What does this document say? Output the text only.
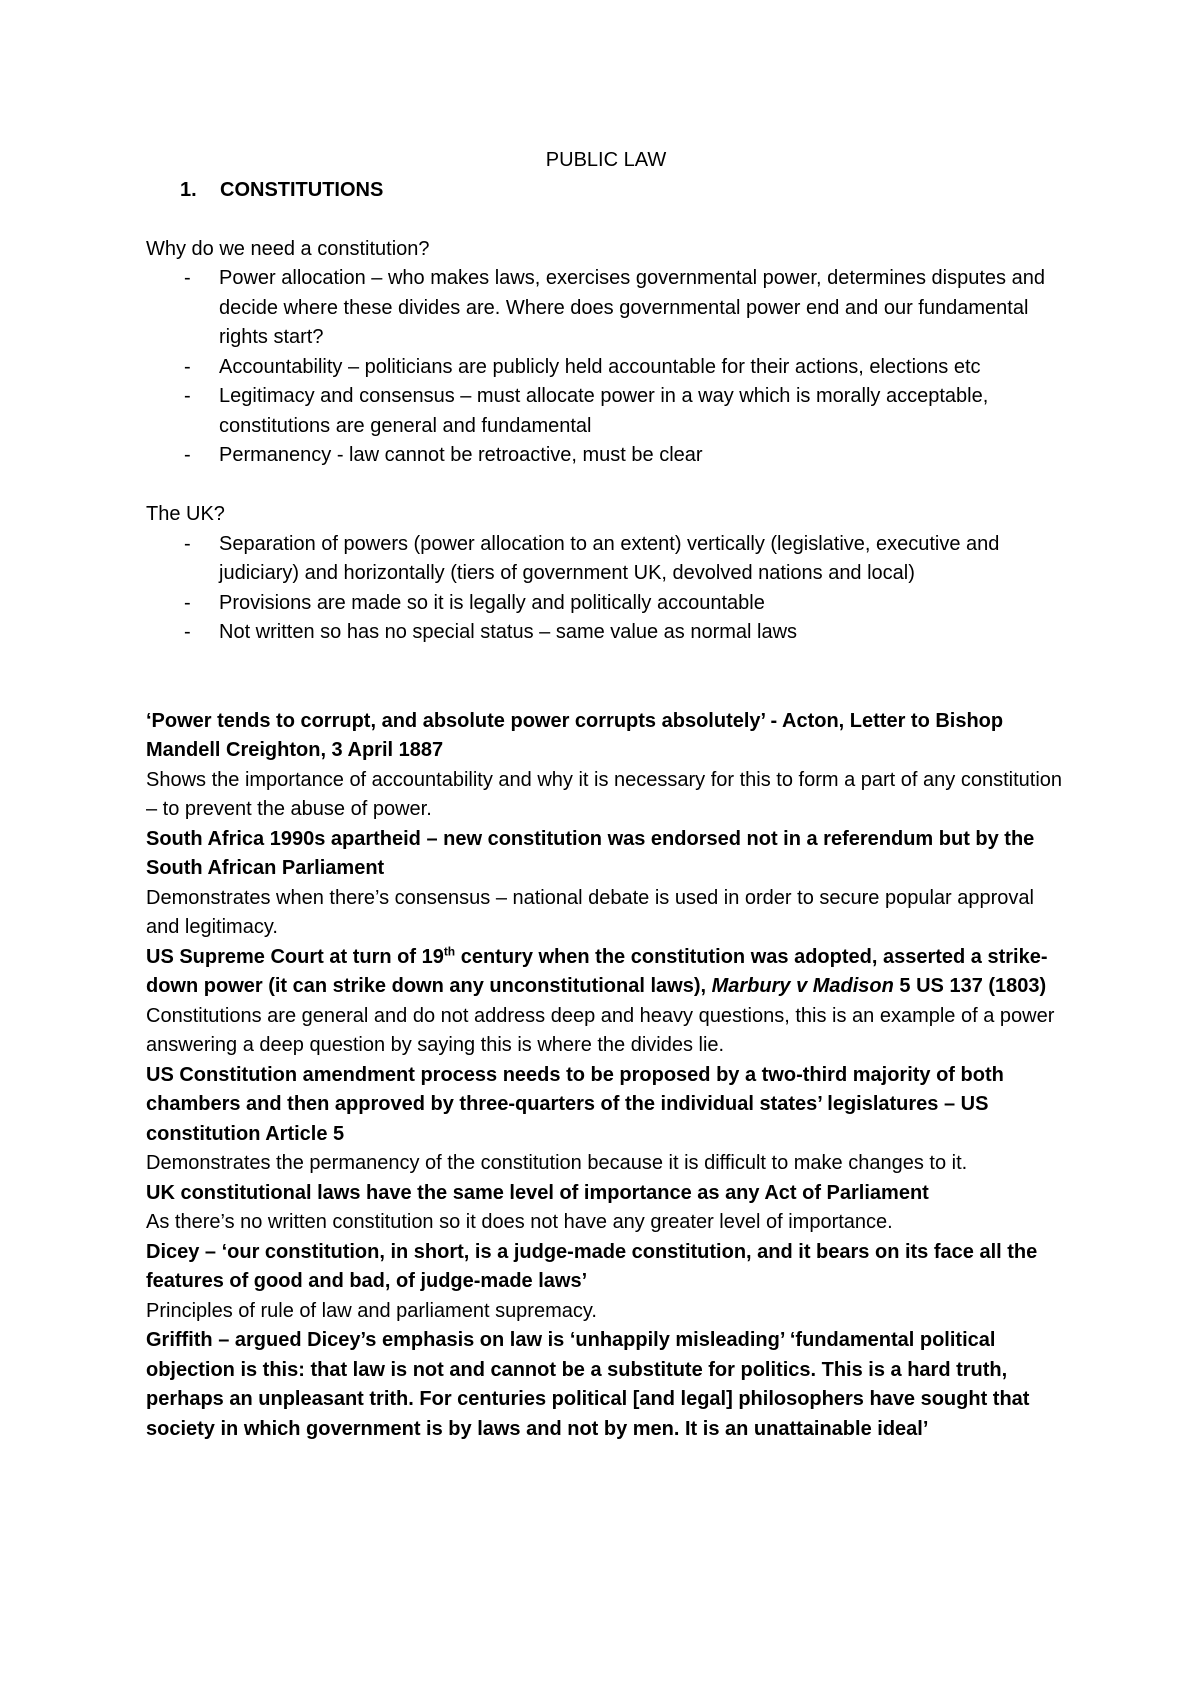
PUBLIC LAW

1. CONSTITUTIONS

Why do we need a constitution?

- Power allocation – who makes laws, exercises governmental power, determines disputes and decide where these divides are. Where does governmental power end and our fundamental rights start?
- Accountability – politicians are publicly held accountable for their actions, elections etc
- Legitimacy and consensus – must allocate power in a way which is morally acceptable, constitutions are general and fundamental
- Permanency - law cannot be retroactive, must be clear

The UK?

- Separation of powers (power allocation to an extent) vertically (legislative, executive and judiciary) and horizontally (tiers of government UK, devolved nations and local)
- Provisions are made so it is legally and politically accountable
- Not written so has no special status – same value as normal laws

‘Power tends to corrupt, and absolute power corrupts absolutely’ - Acton, Letter to Bishop Mandell Creighton, 3 April 1887

Shows the importance of accountability and why it is necessary for this to form a part of any constitution – to prevent the abuse of power.

South Africa 1990s apartheid – new constitution was endorsed not in a referendum but by the South African Parliament

Demonstrates when there’s consensus – national debate is used in order to secure popular approval and legitimacy.

US Supreme Court at turn of 19th century when the constitution was adopted, asserted a strike-down power (it can strike down any unconstitutional laws), Marbury v Madison 5 US 137 (1803)

Constitutions are general and do not address deep and heavy questions, this is an example of a power answering a deep question by saying this is where the divides lie.

US Constitution amendment process needs to be proposed by a two-third majority of both chambers and then approved by three-quarters of the individual states’ legislatures – US constitution Article 5

Demonstrates the permanency of the constitution because it is difficult to make changes to it.

UK constitutional laws have the same level of importance as any Act of Parliament

As there’s no written constitution so it does not have any greater level of importance.

Dicey – ‘our constitution, in short, is a judge-made constitution, and it bears on its face all the features of good and bad, of judge-made laws’

Principles of rule of law and parliament supremacy.

Griffith – argued Dicey’s emphasis on law is ‘unhappily misleading’ ‘fundamental political objection is this: that law is not and cannot be a substitute for politics. This is a hard truth, perhaps an unpleasant trith. For centuries political [and legal] philosophers have sought that society in which government is by laws and not by men. It is an unattainable ideal’
